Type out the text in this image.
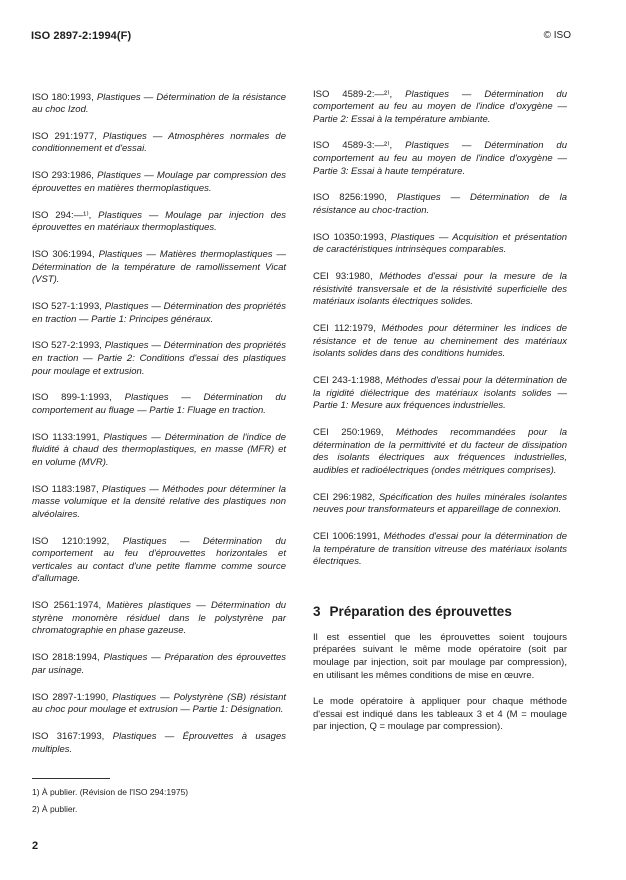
ISO 2897-2:1994(F)	© ISO

ISO 180:1993, Plastiques — Détermination de la résistance au choc Izod.

ISO 291:1977, Plastiques — Atmosphères normales de conditionnement et d'essai.

ISO 293:1986, Plastiques — Moulage par compression des éprouvettes en matières thermoplastiques.

ISO 294:—¹⁾, Plastiques — Moulage par injection des éprouvettes en matériaux thermoplastiques.

ISO 306:1994, Plastiques — Matières thermoplastiques — Détermination de la température de ramollissement Vicat (VST).

ISO 527-1:1993, Plastiques — Détermination des propriétés en traction — Partie 1: Principes généraux.

ISO 527-2:1993, Plastiques — Détermination des propriétés en traction — Partie 2: Conditions d'essai des plastiques pour moulage et extrusion.

ISO 899-1:1993, Plastiques — Détermination du comportement au fluage — Partie 1: Fluage en traction.

ISO 1133:1991, Plastiques — Détermination de l'indice de fluidité à chaud des thermoplastiques, en masse (MFR) et en volume (MVR).

ISO 1183:1987, Plastiques — Méthodes pour déterminer la masse volumique et la densité relative des plastiques non alvéolaires.

ISO 1210:1992, Plastiques — Détermination du comportement au feu d'éprouvettes horizontales et verticales au contact d'une petite flamme comme source d'allumage.

ISO 2561:1974, Matières plastiques — Détermination du styrène monomère résiduel dans le polystyrène par chromatographie en phase gazeuse.

ISO 2818:1994, Plastiques — Préparation des éprouvettes par usinage.

ISO 2897-1:1990, Plastiques — Polystyrène (SB) résistant au choc pour moulage et extrusion — Partie 1: Désignation.

ISO 3167:1993, Plastiques — Éprouvettes à usages multiples.

ISO 4589-2:—²⁾, Plastiques — Détermination du comportement au feu au moyen de l'indice d'oxygène — Partie 2: Essai à la température ambiante.

ISO 4589-3:—²⁾, Plastiques — Détermination du comportement au feu au moyen de l'indice d'oxygène — Partie 3: Essai à haute température.

ISO 8256:1990, Plastiques — Détermination de la résistance au choc-traction.

ISO 10350:1993, Plastiques — Acquisition et présentation de caractéristiques intrinsèques comparables.

CEI 93:1980, Méthodes d'essai pour la mesure de la résistivité transversale et de la résistivité superficielle des matériaux isolants électriques solides.

CEI 112:1979, Méthodes pour déterminer les indices de résistance et de tenue au cheminement des matériaux isolants solides dans des conditions humides.

CEI 243-1:1988, Méthodes d'essai pour la détermination de la rigidité diélectrique des matériaux isolants solides — Partie 1: Mesure aux fréquences industrielles.

CEI 250:1969, Méthodes recommandées pour la détermination de la permittivité et du facteur de dissipation des isolants électriques aux fréquences industrielles, audibles et radioélectriques (ondes métriques comprises).

CEI 296:1982, Spécification des huiles minérales isolantes neuves pour transformateurs et appareillage de connexion.

CEI 1006:1991, Méthodes d'essai pour la détermination de la température de transition vitreuse des matériaux isolants électriques.

3 Préparation des éprouvettes

Il est essentiel que les éprouvettes soient toujours préparées suivant le même mode opératoire (soit par moulage par injection, soit par moulage par compression), en utilisant les mêmes conditions de mise en œuvre.

Le mode opératoire à appliquer pour chaque méthode d'essai est indiqué dans les tableaux 3 et 4 (M = moulage par injection, Q = moulage par compression).

1) À publier. (Révision de l'ISO 294:1975)
2) À publier.
2
